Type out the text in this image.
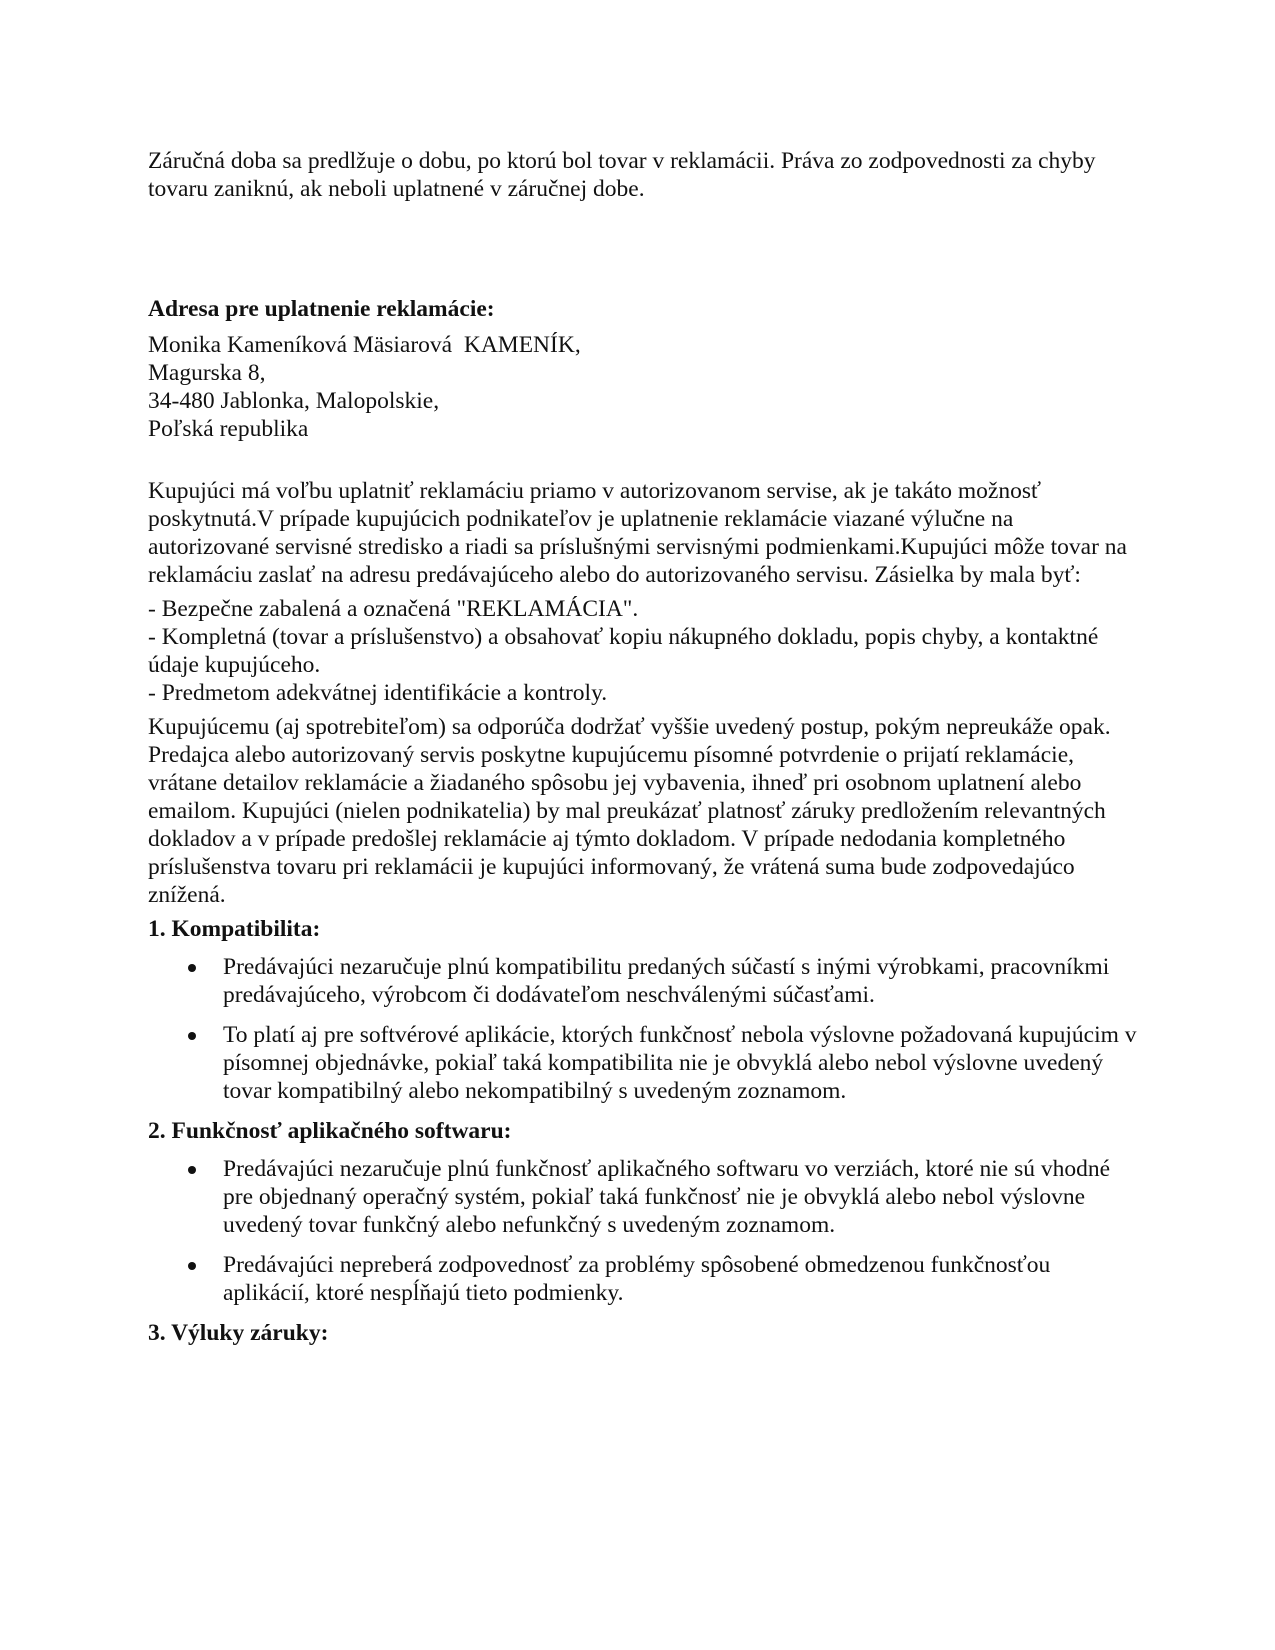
Záručná doba sa predlžuje o dobu, po ktorú bol tovar v reklamácii. Práva zo zodpovednosti za chyby tovaru zaniknú, ak neboli uplatnené v záručnej dobe.

Adresa pre uplatnenie reklamácie:
Monika Kameníková Mäsiarová  KAMENÍK,
Magurska 8,
34-480 Jablonka, Malopolskie,
Poľská republika

Kupujúci má voľbu uplatniť reklamáciu priamo v autorizovanom servise, ak je takáto možnosť poskytnutá.V prípade kupujúcich podnikateľov je uplatnenie reklamácie viazané výlučne na autorizované servisné stredisko a riadi sa príslušnými servisnými podmienkami.Kupujúci môže tovar na reklamáciu zaslať na adresu predávajúceho alebo do autorizovaného servisu. Zásielka by mala byť:

- Bezpečne zabalená a označená "REKLAMÁCIA".
- Kompletná (tovar a príslušenstvo) a obsahovať kopiu nákupného dokladu, popis chyby, a kontaktné údaje kupujúceho.
- Predmetom adekvátnej identifikácie a kontroly.

Kupujúcemu (aj spotrebiteľom) sa odporúča dodržať vyššie uvedený postup, pokým nepreukáže opak. Predajca alebo autorizovaný servis poskytne kupujúcemu písomné potvrdenie o prijatí reklamácie, vrátane detailov reklamácie a žiadaného spôsobu jej vybavenia, ihneď pri osobnom uplatnení alebo emailom. Kupujúci (nielen podnikatelia) by mal preukázať platnosť záruky predložením relevantných dokladov a v prípade predošlej reklamácie aj týmto dokladom. V prípade nedodania kompletného príslušenstva tovaru pri reklamácii je kupujúci informovaný, že vrátená suma bude zodpovedajúco znížená.

1. Kompatibilita:
Predávajúci nezaručuje plnú kompatibilitu predaných súčastí s inými výrobkami, pracovníkmi predávajúceho, výrobcom či dodávateľom neschválenými súčasťami.
To platí aj pre softvérové aplikácie, ktorých funkčnosť nebola výslovne požadovaná kupujúcim v písomnej objednávke, pokiaľ taká kompatibilita nie je obvyklá alebo nebol výslovne uvedený tovar kompatibilný alebo nekompatibilný s uvedeným zoznamom.
2. Funkčnosť aplikačného softwaru:
Predávajúci nezaručuje plnú funkčnosť aplikačného softwaru vo verziách, ktoré nie sú vhodné pre objednaný operačný systém, pokiaľ taká funkčnosť nie je obvyklá alebo nebol výslovne uvedený tovar funkčný alebo nefunkčný s uvedeným zoznamom.
Predávajúci nepreberá zodpovednosť za problémy spôsobené obmedzenou funkčnosťou aplikácií, ktoré nespĺňajú tieto podmienky.
3. Výluky záruky:
